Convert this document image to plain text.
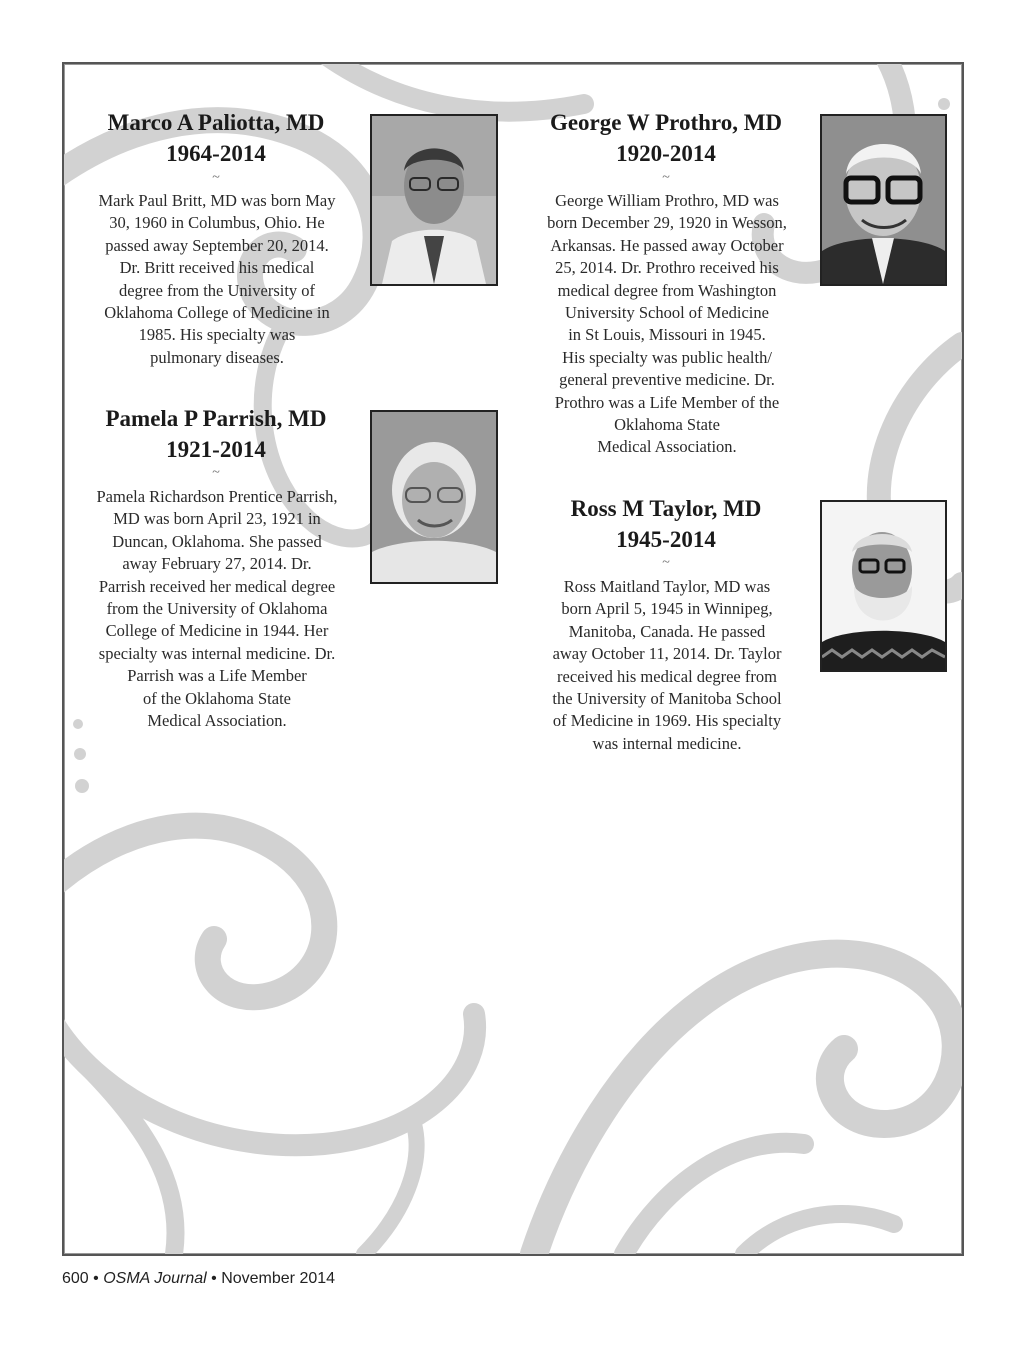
Marco A Paliotta, MD
1964-2014
~
Mark Paul Britt, MD was born May
30, 1960 in Columbus, Ohio. He
passed away September 20, 2014.
Dr. Britt received his medical
degree from the University of
Oklahoma College of Medicine in
1985. His specialty was
pulmonary diseases.
Pamela P Parrish, MD
1921-2014
~
Pamela Richardson Prentice Parrish,
MD was born April 23, 1921 in
Duncan, Oklahoma. She passed
away February 27, 2014. Dr.
Parrish received her medical degree
from the University of Oklahoma
College of Medicine in 1944. Her
specialty was internal medicine. Dr.
Parrish was a Life Member
of the Oklahoma State
Medical Association.
George W Prothro, MD
1920-2014
~
George William Prothro, MD was
born December 29, 1920 in Wesson,
Arkansas. He passed away October
25, 2014. Dr. Prothro received his
medical degree from Washington
University School of Medicine
in St Louis, Missouri in 1945.
His specialty was public health/
general preventive medicine. Dr.
Prothro was a Life Member of the
Oklahoma State
Medical Association.
Ross M Taylor, MD
1945-2014
~
Ross Maitland Taylor, MD was
born April 5, 1945 in Winnipeg,
Manitoba, Canada. He passed
away October 11, 2014. Dr. Taylor
received his medical degree from
the University of Manitoba School
of Medicine in 1969. His specialty
was internal medicine.
600 • OSMA Journal • November 2014
